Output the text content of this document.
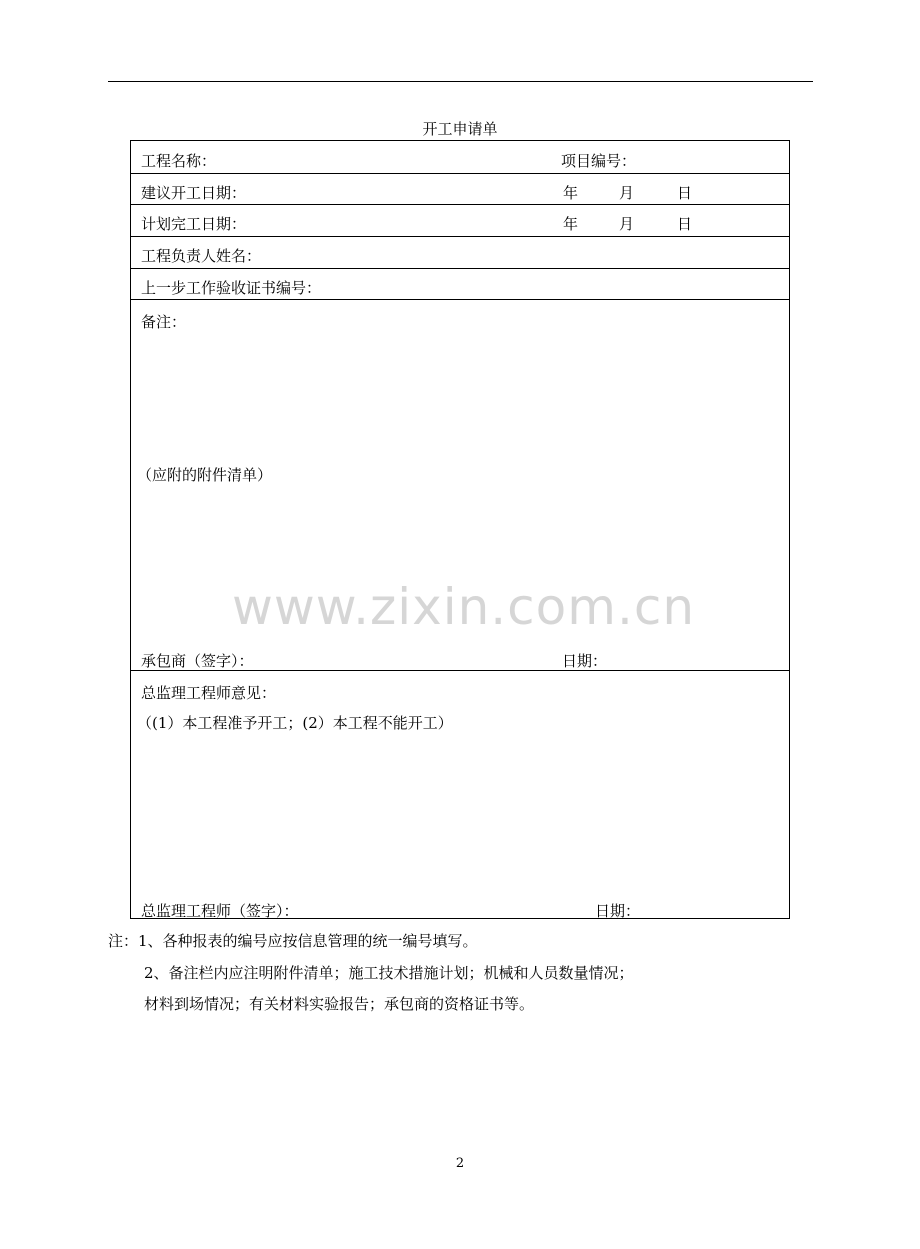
开工申请单
工程名称：	项目编号：
建议开工日期：	年	月	日
计划完工日期：	年	月	日
工程负责人姓名：
上一步工作验收证书编号：
备注：
（应附的附件清单）
承包商（签字）：	日期：
总监理工程师意见：
（(1）本工程准予开工；(2）本工程不能开工）
总监理工程师（签字）：	日期：
www.zixin.com.cn
注：1、各种报表的编号应按信息管理的统一编号填写。
2、备注栏内应注明附件清单；施工技术措施计划；机械和人员数量情况；
材料到场情况；有关材料实验报告；承包商的资格证书等。
2
